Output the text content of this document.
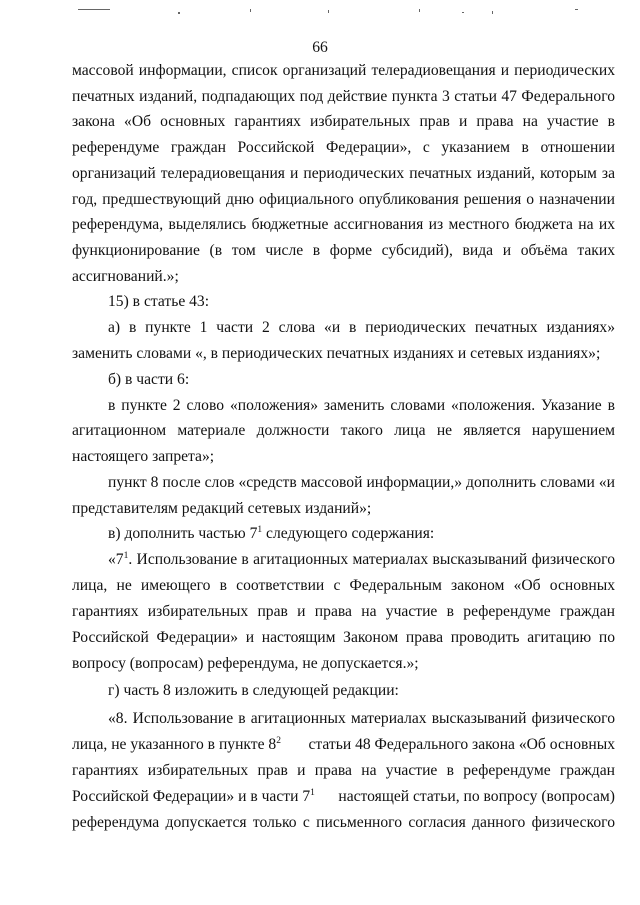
66
массовой информации, список организаций телерадиовещания и периодических
печатных изданий, подпадающих под действие пункта 3 статьи 47 Федерального
закона «Об основных гарантиях избирательных прав и права на участие в
референдуме граждан Российской Федерации», с указанием в отношении
организаций телерадиовещания и периодических печатных изданий, которым за
год, предшествующий дню официального опубликования решения о назначении
референдума, выделялись бюджетные ассигнования из местного бюджета на их
функционирование (в том числе в форме субсидий), вида и объёма таких
ассигнований.»;
15) в статье 43:
а) в пункте 1 части 2 слова «и в периодических печатных изданиях»
заменить словами «, в периодических печатных изданиях и сетевых изданиях»;
б) в части 6:
в пункте 2 слово «положения» заменить словами «положения. Указание в
агитационном материале должности такого лица не является нарушением
настоящего запрета»;
пункт 8 после слов «средств массовой информации,» дополнить словами «и
представителям редакций сетевых изданий»;
в) дополнить частью $7^1$ следующего содержания:
«$7^1$. Использование в агитационных материалах высказываний физического
лица, не имеющего в соответствии с Федеральным законом «Об основных
гарантиях избирательных прав и права на участие в референдуме граждан
Российской Федерации» и настоящим Законом права проводить агитацию по
вопросу (вопросам) референдума, не допускается.»;
г) часть 8 изложить в следующей редакции:
«8. Использование в агитационных материалах высказываний физического
лица, не указанного в пункте $8^2$ статьи 48 Федерального закона «Об основных
гарантиях избирательных прав и права на участие в референдуме граждан
Российской Федерации» и в части $7^1$ настоящей статьи, по вопросу (вопросам)
референдума допускается только с письменного согласия данного физического
